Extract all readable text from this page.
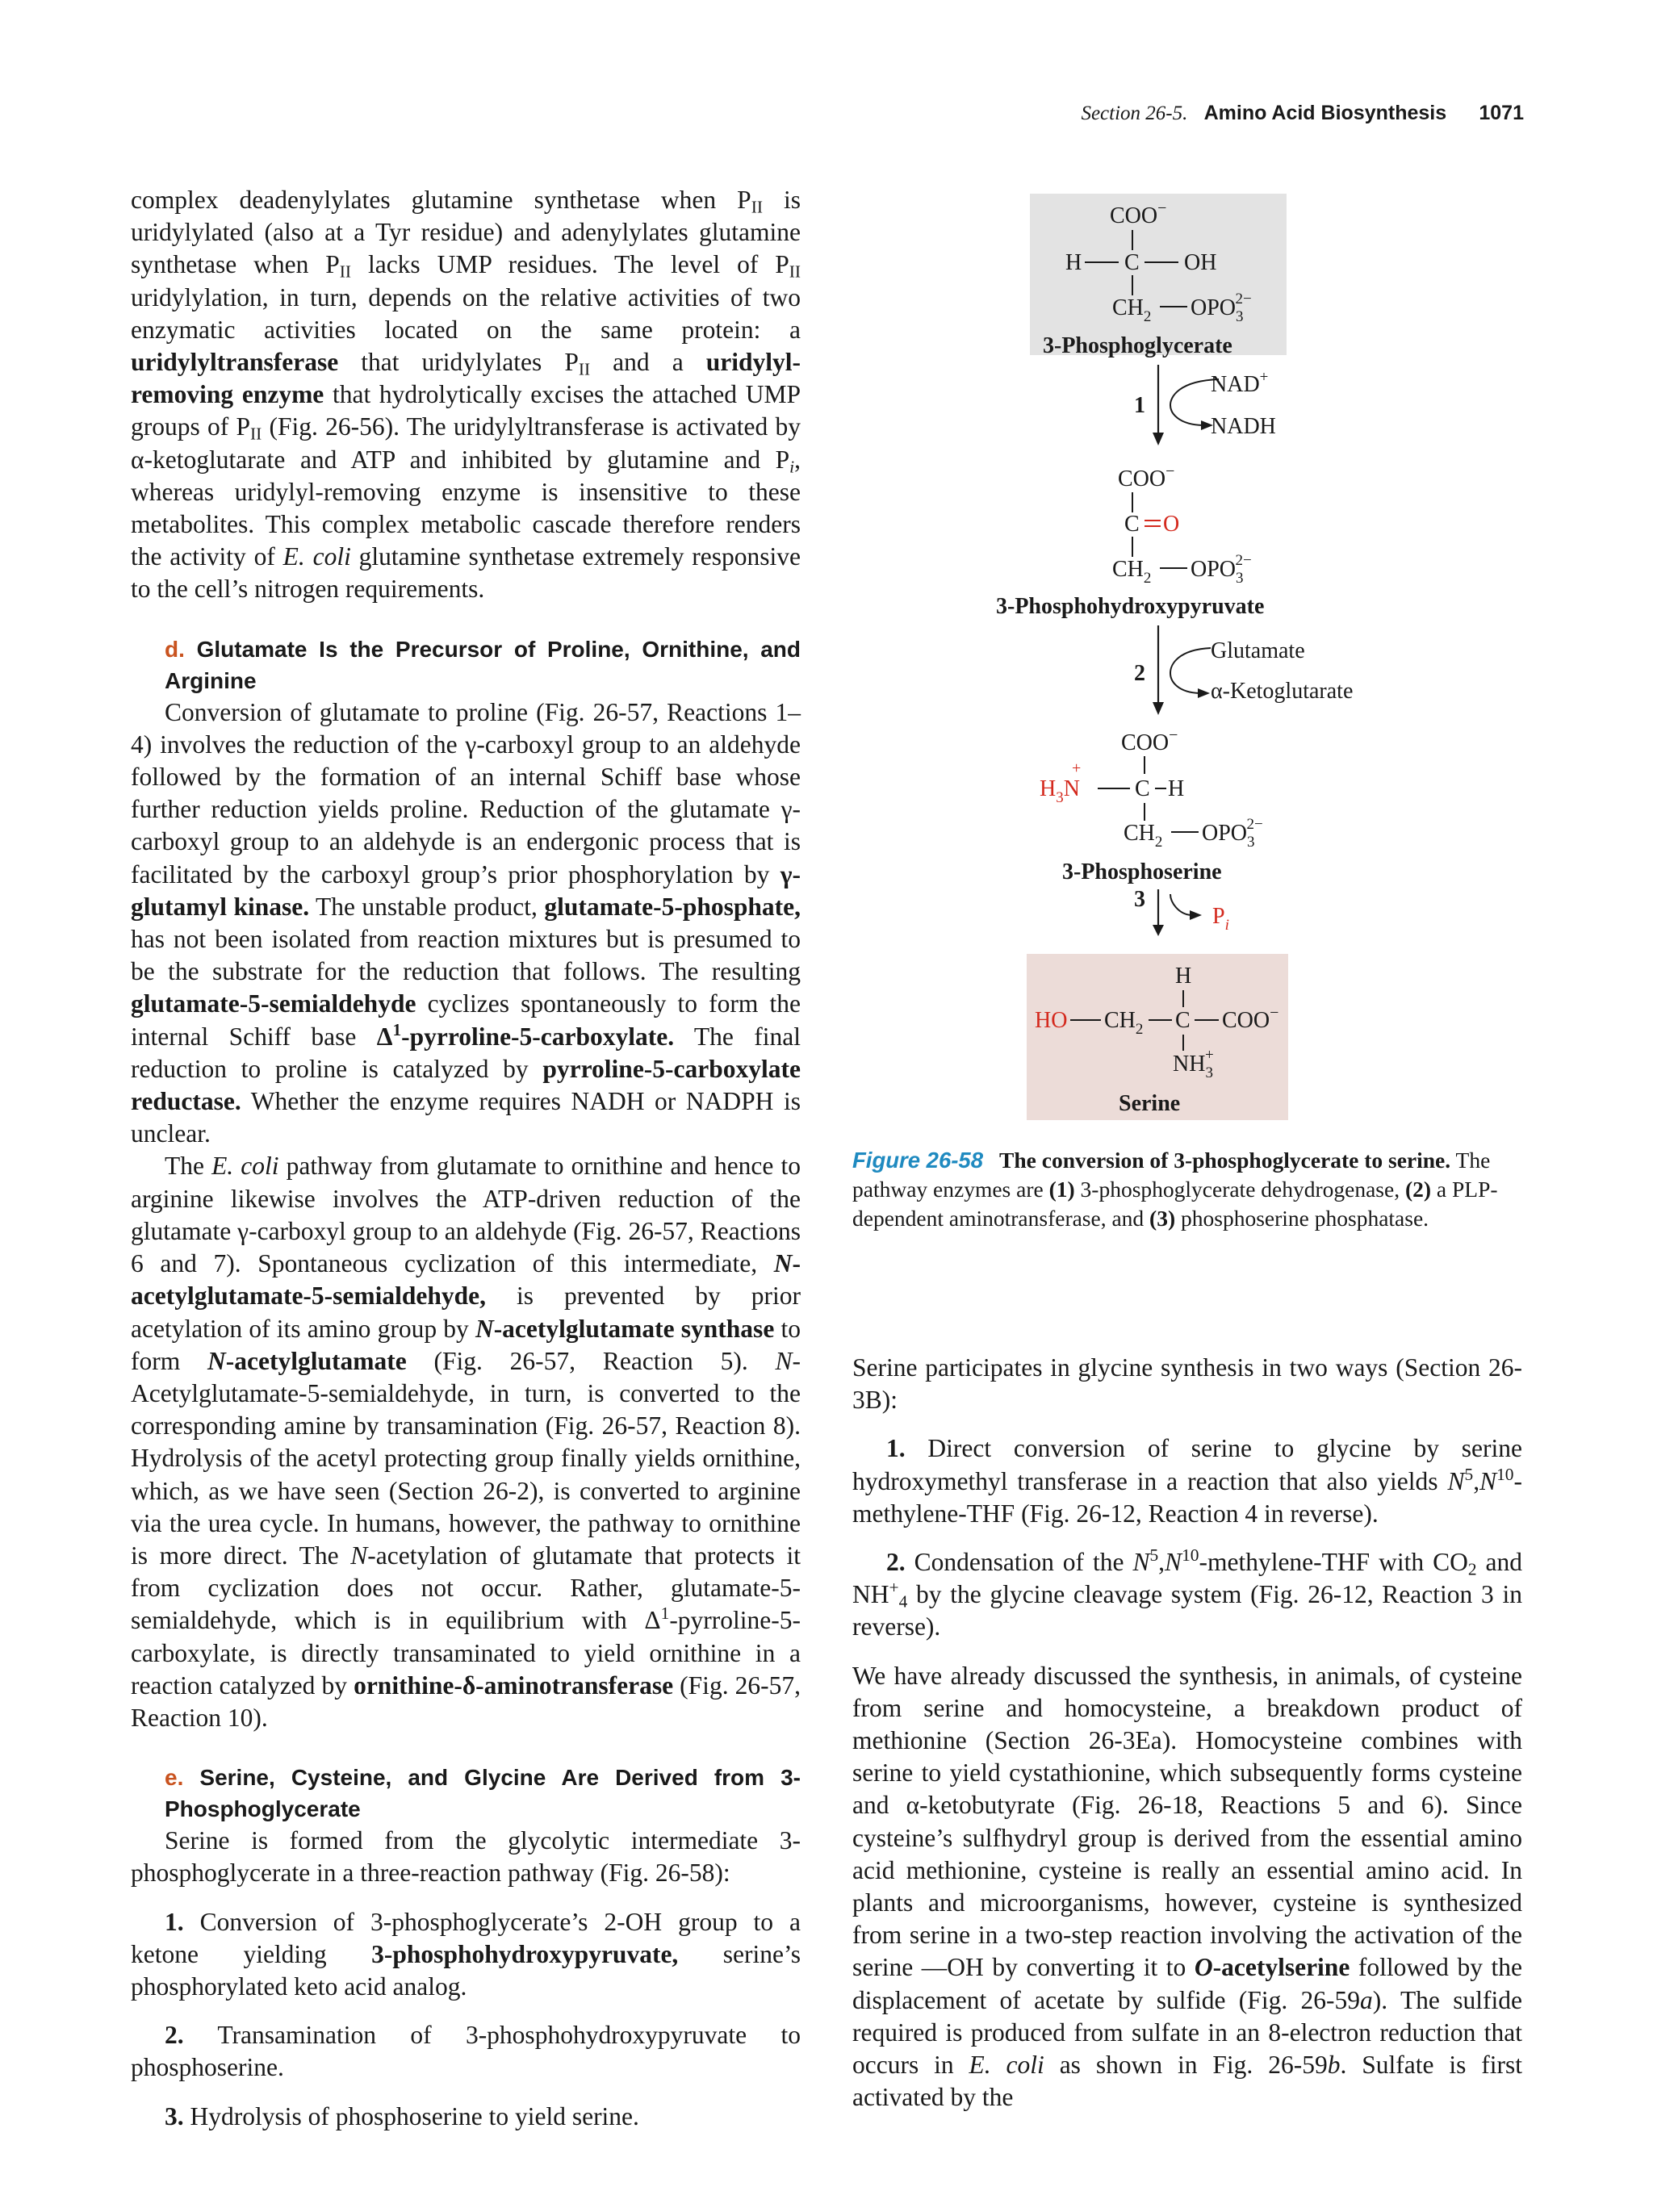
Section 26-5. Amino Acid Biosynthesis 1071

complex deadenylylates glutamine synthetase when $P_{II}$ is uridylylated (also at a Tyr residue) and adenylylates glutamine synthetase when $P_{II}$ lacks UMP residues. The level of $P_{II}$ uridylylation, in turn, depends on the relative activities of two enzymatic activities located on the same protein: a uridylyltransferase that uridylylates $P_{II}$ and a uridylyl-removing enzyme that hydrolytically excises the attached UMP groups of $P_{II}$ (Fig. 26-56). The uridylyltransferase is activated by α-ketoglutarate and ATP and inhibited by glutamine and $P_i$, whereas uridylyl-removing enzyme is insensitive to these metabolites. This complex metabolic cascade therefore renders the activity of E. coli glutamine synthetase extremely responsive to the cell’s nitrogen requirements.

d. Glutamate Is the Precursor of Proline, Ornithine, and Arginine

Conversion of glutamate to proline (Fig. 26-57, Reactions 1– 4) involves the reduction of the γ-carboxyl group to an aldehyde followed by the formation of an internal Schiff base whose further reduction yields proline. Reduction of the glutamate γ-carboxyl group to an aldehyde is an endergonic process that is facilitated by the carboxyl group’s prior phosphorylation by γ-glutamyl kinase. The unstable product, glutamate-5-phosphate, has not been isolated from reaction mixtures but is presumed to be the substrate for the reduction that follows. The resulting glutamate-5-semialdehyde cyclizes spontaneously to form the internal Schiff base $\Delta^1-pyrroline-5$-carboxylate. The final reduction to proline is catalyzed by pyrroline-5-carboxylate reductase. Whether the enzyme requires NADH or NADPH is unclear.

The E. coli pathway from glutamate to ornithine and hence to arginine likewise involves the ATP-driven reduction of the glutamate γ-carboxyl group to an aldehyde (Fig. 26-57, Reactions 6 and 7). Spontaneous cyclization of this intermediate, N-acetylglutamate-5-semialdehyde, is prevented by prior acetylation of its amino group by N-acetylglutamate synthase to form N-acetylglutamate (Fig. 26-57, Reaction 5). N-Acetylglutamate-5-semialdehyde, in turn, is converted to the corresponding amine by transamination (Fig. 26-57, Reaction 8). Hydrolysis of the acetyl protecting group finally yields ornithine, which, as we have seen (Section 26-2), is converted to arginine via the urea cycle. In humans, however, the pathway to ornithine is more direct. The N-acetylation of glutamate that protects it from cyclization does not occur. Rather, glutamate-5-semialdehyde, which is in equilibrium with $\Delta^1-pyrroline-5$-carboxylate, is directly transaminated to yield ornithine in a reaction catalyzed by ornithine-δ-aminotransferase (Fig. 26-57, Reaction 10).

e. Serine, Cysteine, and Glycine Are Derived from 3-Phosphoglycerate

Serine is formed from the glycolytic intermediate 3-phosphoglycerate in a three-reaction pathway (Fig. 26-58):

1. Conversion of 3-phosphoglycerate’s 2-OH group to a ketone yielding 3-phosphohydroxypyruvate, serine’s phosphorylated keto acid analog.

2. Transamination of 3-phosphohydroxypyruvate to phosphoserine.

3. Hydrolysis of phosphoserine to yield serine.

COO−
H C OH
$CH_2$ $OPO_32-$
3-Phosphoglycerate
1
NAD+
NADH
COO−
C O
$CH_2$ $OPO_32-$
3-Phosphohydroxypyruvate
2
Glutamate
α-Ketoglutarate
COO−
$H_3N$
+
C H
$CH_2$ $OPO_32-$
3-Phosphoserine
3
$P_i$
H
HO $CH_2$ C COO−
$NH_3+$
Serine
Figure 26-58 The conversion of 3-phosphoglycerate to serine. The pathway enzymes are (1) 3-phosphoglycerate dehydrogenase, (2) a PLP-dependent aminotransferase, and (3) phosphoserine phosphatase.

Serine participates in glycine synthesis in two ways (Section 26-3B):

1. Direct conversion of serine to glycine by serine hydroxymethyl transferase in a reaction that also yields $N^5,N^{10}-methylene$-THF (Fig. 26-12, Reaction 4 in reverse).

2. Condensation of the $N^5,N^{10}-methylene$-THF with $CO_2$ and $NH^+_4$ by the glycine cleavage system (Fig. 26-12, Reaction 3 in reverse).

We have already discussed the synthesis, in animals, of cysteine from serine and homocysteine, a breakdown product of methionine (Section 26-3Ea). Homocysteine combines with serine to yield cystathionine, which subsequently forms cysteine and α-ketobutyrate (Fig. 26-18, Reactions 5 and 6). Since cysteine’s sulfhydryl group is derived from the essential amino acid methionine, cysteine is really an essential amino acid. In plants and microorganisms, however, cysteine is synthesized from serine in a two-step reaction involving the activation of the serine —OH by converting it to O-acetylserine followed by the displacement of acetate by sulfide (Fig. 26-59a). The sulfide required is produced from sulfate in an 8-electron reduction that occurs in E. coli as shown in Fig. 26-59b. Sulfate is first activated by the
